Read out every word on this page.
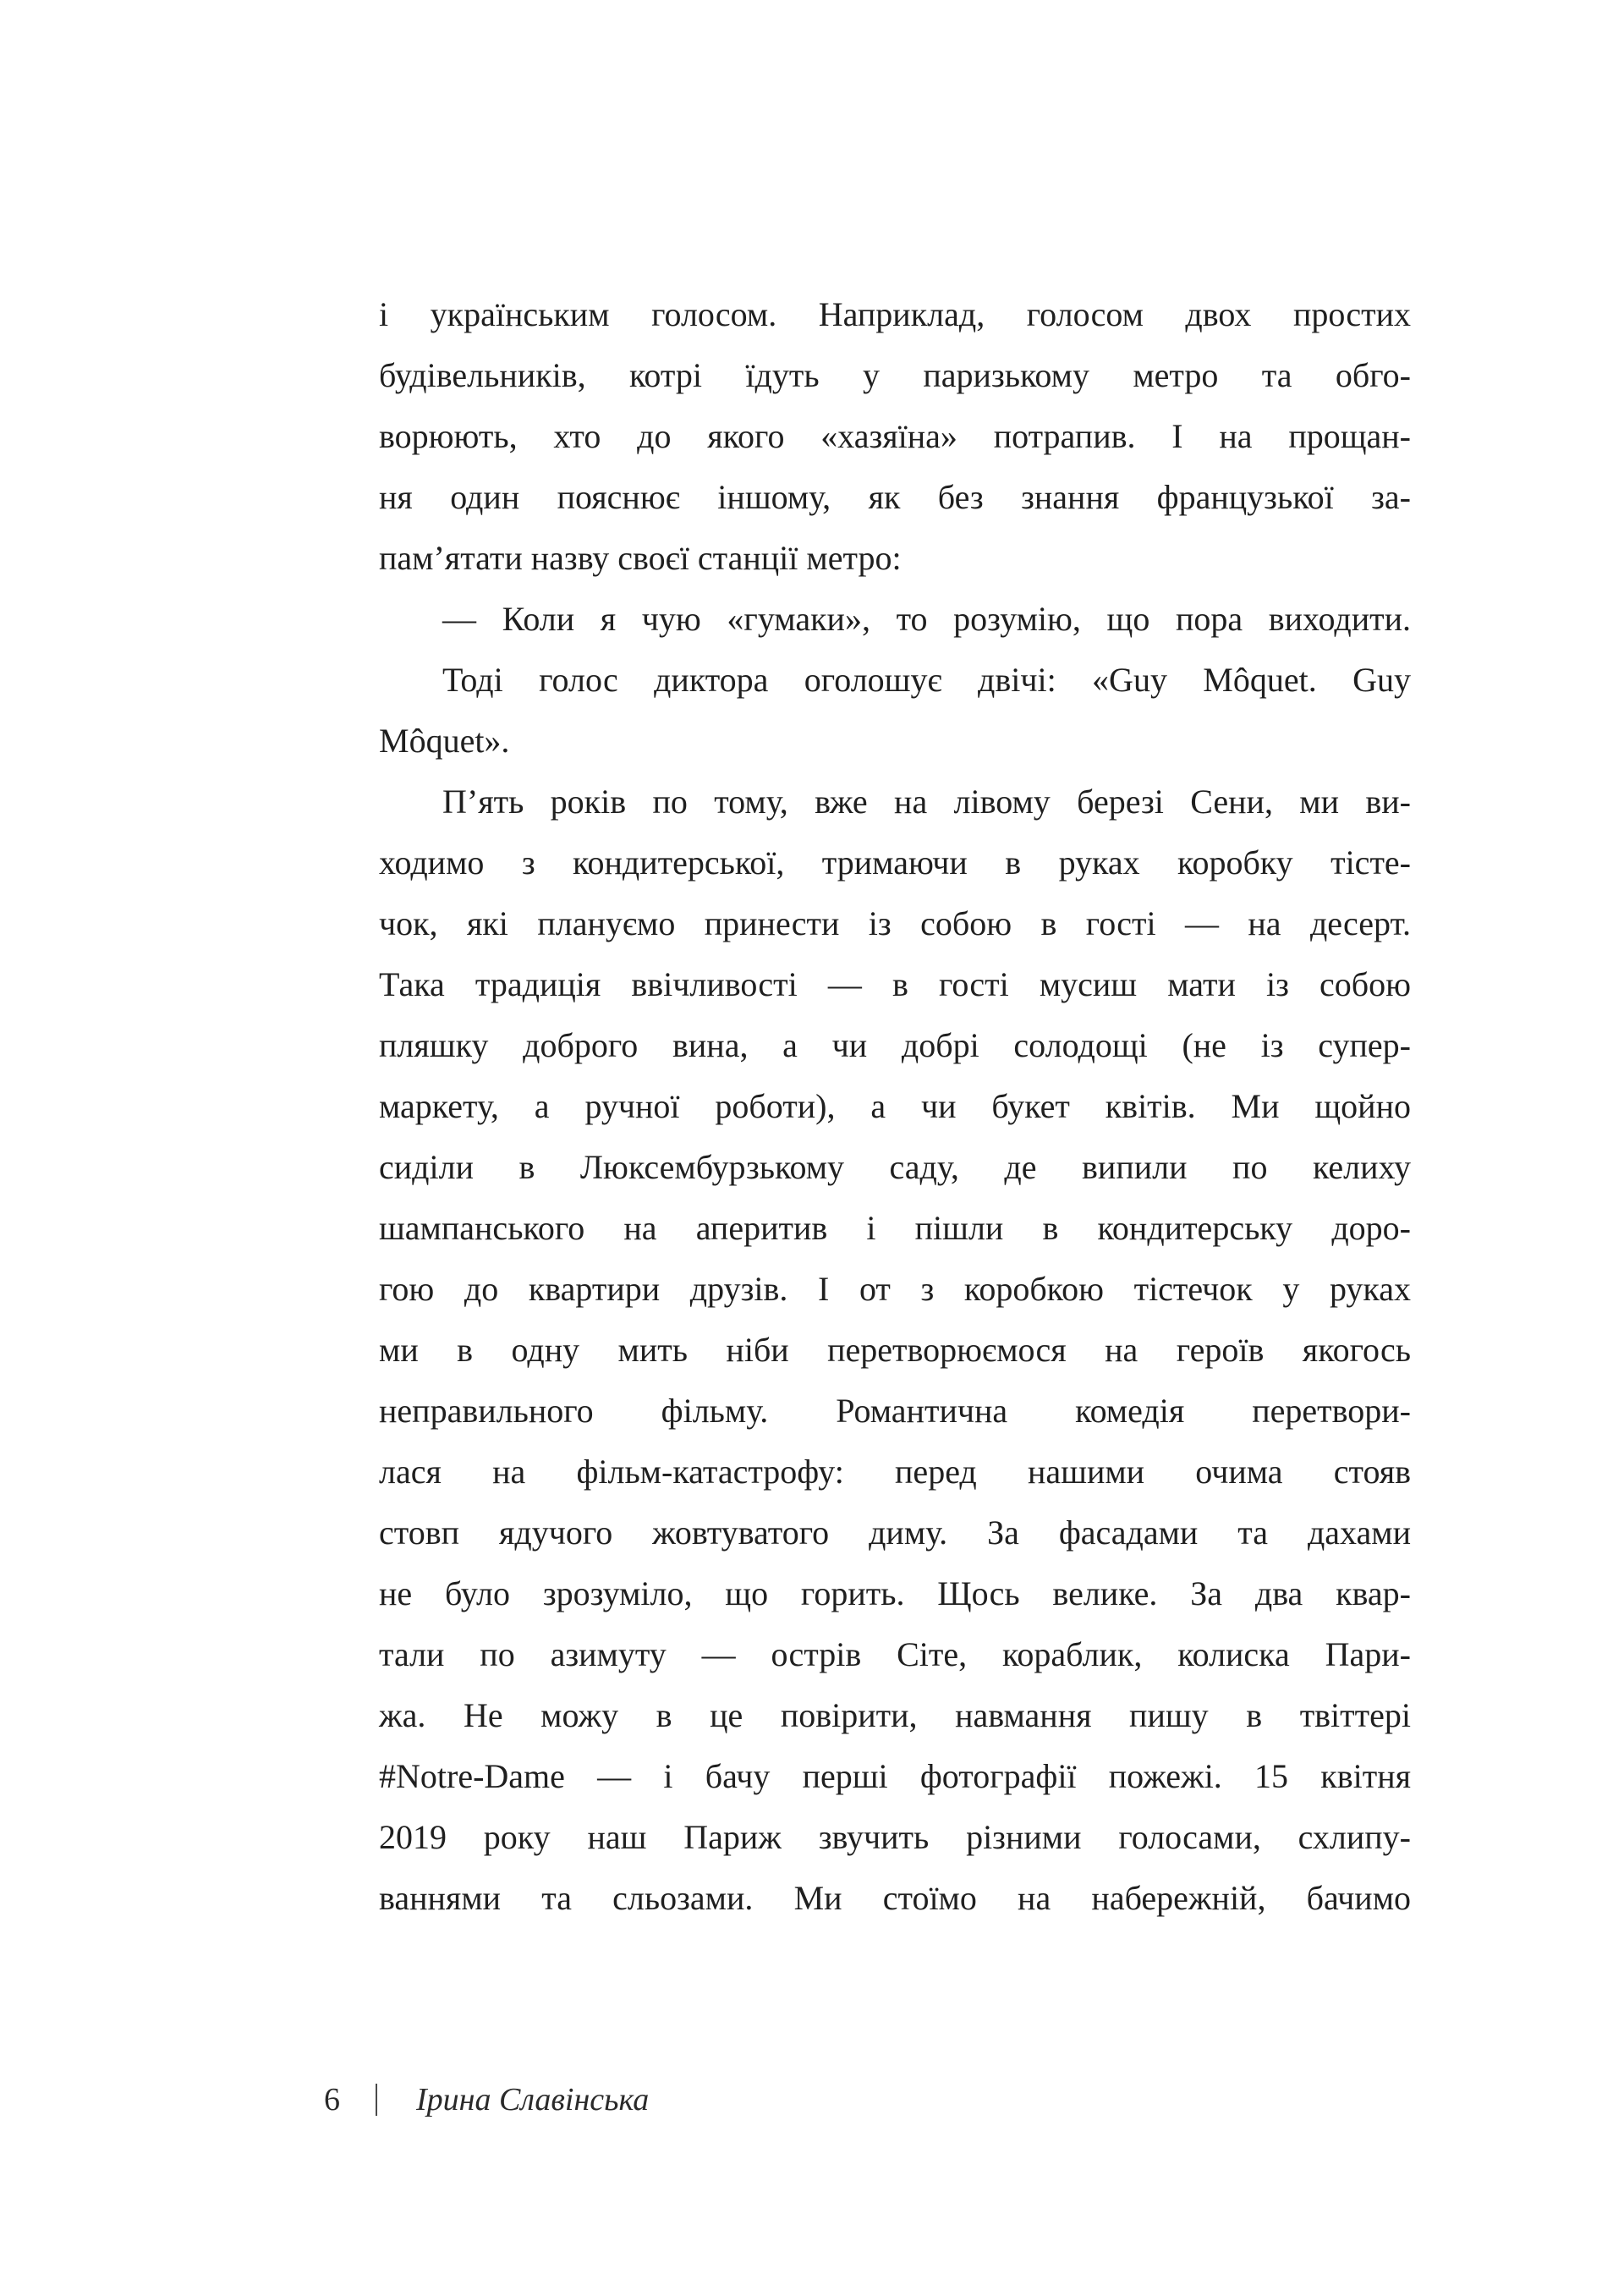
і українським голосом. Наприклад, голосом двох простих
будівельників, котрі їдуть у паризькому метро та обго-
ворюють, хто до якого «хазяїна» потрапив. І на прощан-
ня один пояснює іншому, як без знання французької за-
пам’ятати назву своєї станції метро:
— Коли я чую «гумаки», то розумію, що пора виходити.
Тоді голос диктора оголошує двічі: «Guy Môquet. Guy
Môquet».
П’ять років по тому, вже на лівому березі Сени, ми ви-
ходимо з кондитерської, тримаючи в руках коробку тісте-
чок, які плануємо принести із собою в гості — на десерт.
Така традиція ввічливості — в гості мусиш мати із собою
пляшку доброго вина, а чи добрі солодощі (не із супер-
маркету, а ручної роботи), а чи букет квітів. Ми щойно
сиділи в Люксембурзькому саду, де випили по келиху
шампанського на аперитив і пішли в кондитерську доро-
гою до квартири друзів. І от з коробкою тістечок у руках
ми в одну мить ніби перетворюємося на героїв якогось
неправильного фільму. Романтична комедія перетвори-
лася на фільм-катастрофу: перед нашими очима стояв
стовп ядучого жовтуватого диму. За фасадами та дахами
не було зрозуміло, що горить. Щось велике. За два квар-
тали по азимуту — острів Сіте, кораблик, колиска Пари-
жа. Не можу в це повірити, навмання пишу в твіттері
#Notre-Dame — і бачу перші фотографії пожежі. 15 квітня
2019 року наш Париж звучить різними голосами, схлипу-
ваннями та сльозами. Ми стоїмо на набережній, бачимо
6 Ірина Славінська
